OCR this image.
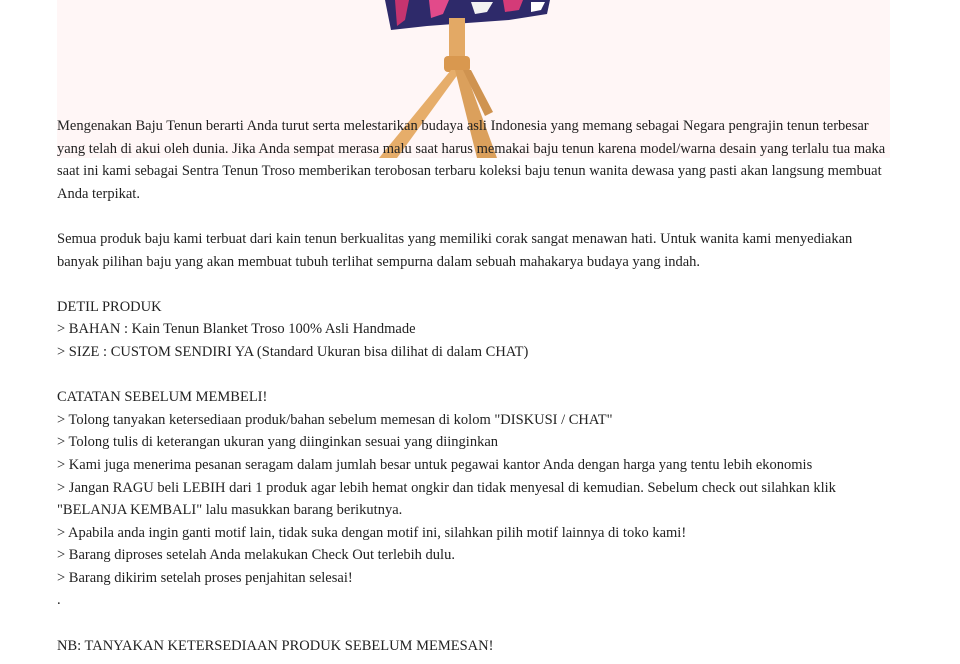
Mengenakan Baju Tenun berarti Anda turut serta melestarikan budaya asli Indonesia yang memang sebagai Negara pengrajin tenun terbesar yang telah di akui oleh dunia. Jika Anda sempat merasa malu saat harus memakai baju tenun karena model/warna desain yang terlalu tua maka saat ini kami sebagai Sentra Tenun Troso memberikan terobosan terbaru koleksi baju tenun wanita dewasa yang pasti akan langsung membuat Anda terpikat.

Semua produk baju kami terbuat dari kain tenun berkualitas yang memiliki corak sangat menawan hati. Untuk wanita kami menyediakan banyak pilihan baju yang akan membuat tubuh terlihat sempurna dalam sebuah mahakarya budaya yang indah.

DETIL PRODUK

> BAHAN : Kain Tenun Blanket Troso 100% Asli Handmade

> SIZE : CUSTOM SENDIRI YA (Standard Ukuran bisa dilihat di dalam CHAT)

CATATAN SEBELUM MEMBELI!

> Tolong tanyakan ketersediaan produk/bahan sebelum memesan di kolom "DISKUSI / CHAT"

> Tolong tulis di keterangan ukuran yang diinginkan sesuai yang diinginkan

> Kami juga menerima pesanan seragam dalam jumlah besar untuk pegawai kantor Anda dengan harga yang tentu lebih ekonomis

> Jangan RAGU beli LEBIH dari 1 produk agar lebih hemat ongkir dan tidak menyesal di kemudian. Sebelum check out silahkan klik "BELANJA KEMBALI" lalu masukkan barang berikutnya.

> Apabila anda ingin ganti motif lain, tidak suka dengan motif ini, silahkan pilih motif lainnya di toko kami!

> Barang diproses setelah Anda melakukan Check Out terlebih dulu.

> Barang dikirim setelah proses penjahitan selesai!

.

NB: TANYAKAN KETERSEDIAAN PRODUK SEBELUM MEMESAN!
